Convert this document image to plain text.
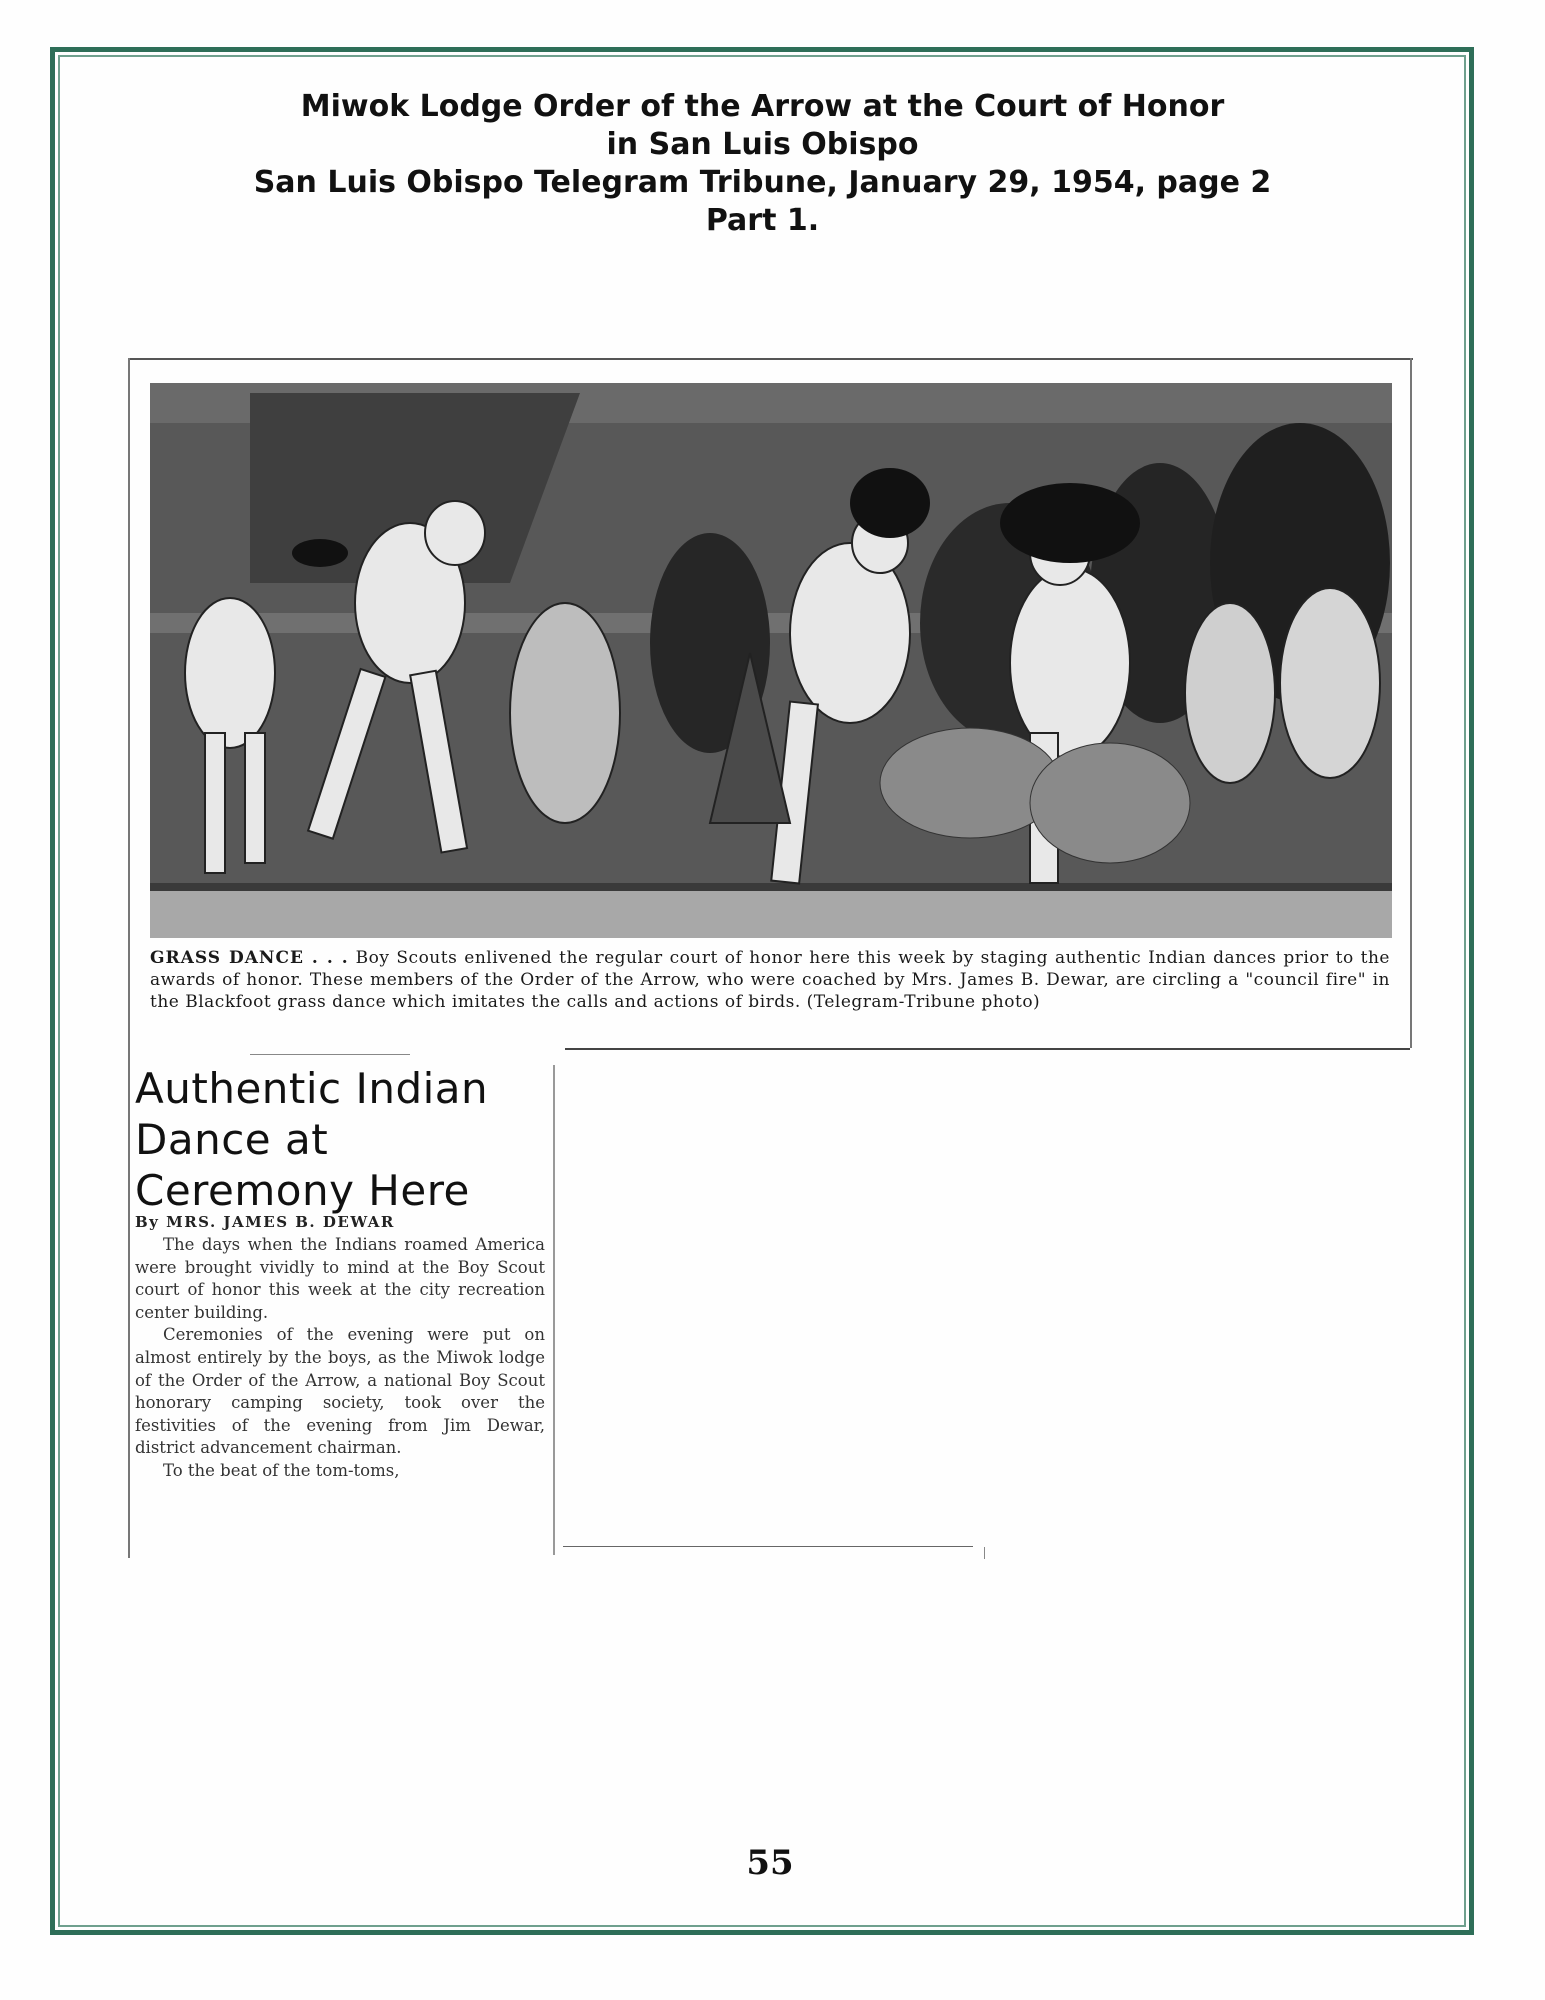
Miwok Lodge Order of the Arrow at the Court of Honor
in San Luis Obispo
San Luis Obispo Telegram Tribune, January 29, 1954, page 2
Part 1.
GRASS DANCE . . . Boy Scouts enlivened the regular court of honor here this week by staging authentic Indian dances prior to the awards of honor. These members of the Order of the Arrow, who were coached by Mrs. James B. Dewar, are circling a "council fire" in the Blackfoot grass dance which imitates the calls and actions of birds. (Telegram-Tribune photo)
Authentic Indian
Dance at
Ceremony Here
By MRS. JAMES B. DEWAR

The days when the Indians roamed America were brought vividly to mind at the Boy Scout court of honor this week at the city recreation center building.

Ceremonies of the evening were put on almost entirely by the boys, as the Miwok lodge of the Order of the Arrow, a national Boy Scout honorary camping society, took over the festivities of the evening from Jim Dewar, district advancement chairman.

To the beat of the tom-toms,

55
